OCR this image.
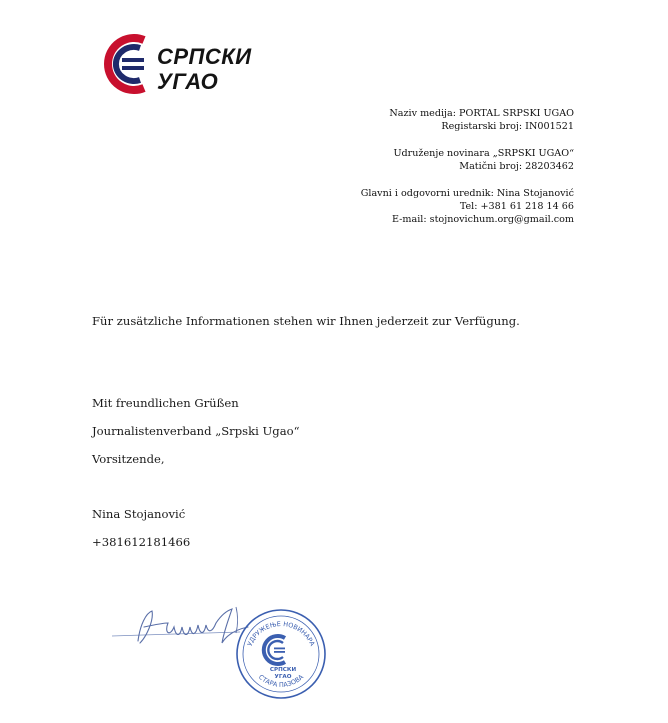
СРПСКИ
УГАО
Naziv medija: PORTAL SRPSKI UGAO
Registarski broj: IN001521
Udruženje novinara „SRPSKI UGAO“
Matični broj: 28203462
Glavni i odgovorni urednik: Nina Stojanović
Tel: +381 61 218 14 66
E-mail: stojnovichum.org@gmail.com
Für zusätzliche Informationen stehen wir Ihnen jederzeit zur Verfügung.
Mit freundlichen Grüßen
Journalistenverband „Srpski Ugao“
Vorsitzende,
Nina Stojanović
+381612181466
УДРУЖЕЊЕ НОВИНАРА
СТАРА ПАЗОВА
СРПСКИ
УГАО
